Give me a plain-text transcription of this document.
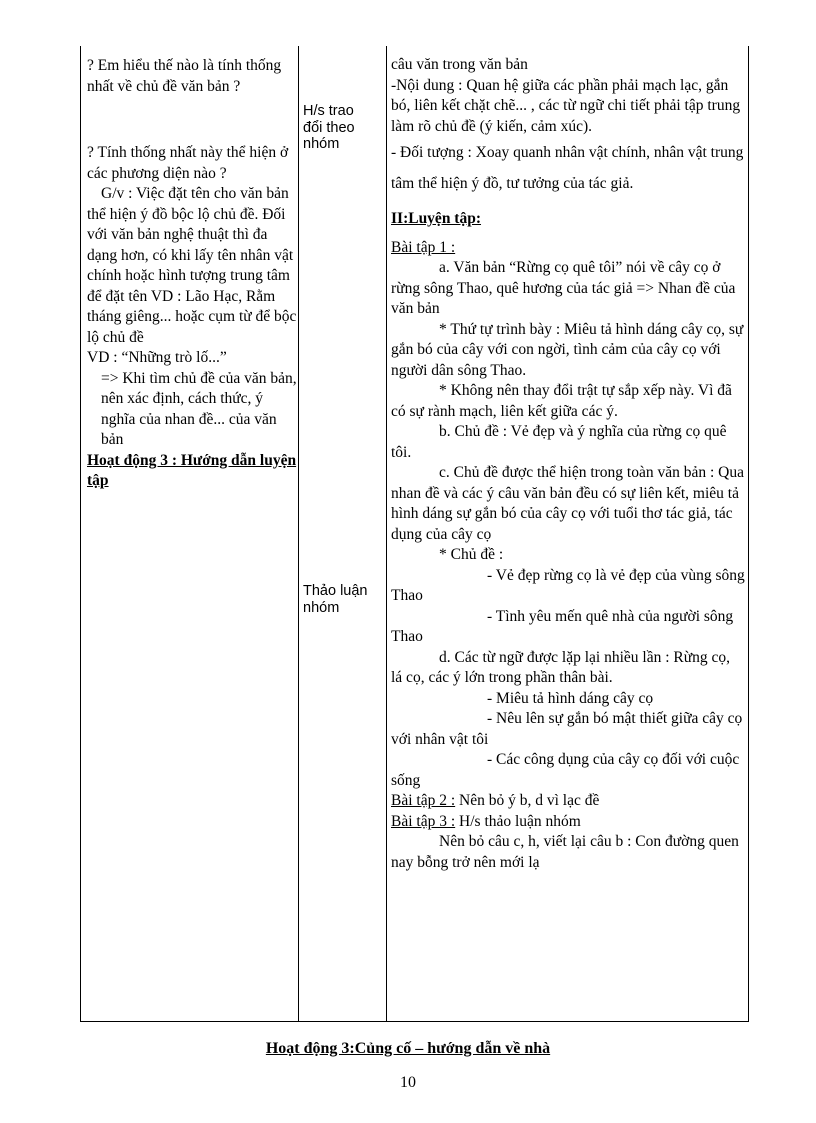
? Em hiểu thế nào là tính thống nhất về chủ đề văn bản ?

? Tính thống nhất này thể hiện ở các phương diện nào ?

G/v : Việc đặt tên cho văn bản thể hiện ý đồ bộc lộ chủ đề. Đối với văn bản nghệ thuật thì đa dạng hơn, có khi lấy tên nhân vật chính hoặc hình tượng trung tâm để đặt tên VD : Lão Hạc, Rằm tháng giêng... hoặc cụm từ để bộc lộ chủ đề

VD : “Những trò lố...”

=> Khi tìm chủ đề của văn bản, nên xác định, cách thức, ý nghĩa của nhan đề... của văn bản

Hoạt động 3 : Hướng dẫn luyện tập

H/s trao đổi theo nhóm
Thảo luận nhóm

câu văn trong văn bản

-Nội dung : Quan hệ giữa các phần phải mạch lạc, gắn bó, liên kết chặt chẽ... , các từ ngữ chi tiết phải tập trung làm rõ chủ đề (ý kiến, cảm xúc).

- Đối tượng : Xoay quanh nhân vật chính, nhân vật trung tâm thể hiện ý đồ, tư tưởng của tác giả.

II:Luyện tập:

Bài tập 1 :

a. Văn bản “Rừng cọ quê tôi” nói về cây cọ ở rừng sông Thao, quê hương của tác giả => Nhan đề của văn bản

* Thứ tự trình bày : Miêu tả hình dáng cây cọ, sự gắn bó của cây với con ngời, tình cảm của cây cọ với người dân sông Thao.

* Không nên thay đổi trật tự sắp xếp này. Vì đã có sự rành mạch, liên kết giữa các ý.

b. Chủ đề : Vẻ đẹp và ý nghĩa của rừng cọ quê tôi.

c. Chủ đề được thể hiện trong toàn văn bản : Qua nhan đề và các ý câu văn bản đều có sự liên kết, miêu tả hình dáng sự gắn bó của cây cọ với tuổi thơ tác giả, tác dụng của cây cọ

* Chủ đề :

- Vẻ đẹp rừng cọ là vẻ đẹp của vùng sông Thao

- Tình yêu mến quê nhà của người sông Thao

d. Các từ ngữ được lặp lại nhiều lần : Rừng cọ, lá cọ, các ý lớn trong phần thân bài.

- Miêu tả hình dáng cây cọ

- Nêu lên sự gắn bó mật thiết giữa cây cọ với nhân vật tôi

- Các công dụng của cây cọ đối với cuộc sống

Bài tập 2 : Nên bỏ ý b, d vì lạc đề

Bài tập 3 : H/s thảo luận nhóm

Nên bỏ câu c, h, viết lại câu b : Con đường quen nay bỗng trở nên mới lạ

Hoạt động 3:Củng cố – hướng dẫn về nhà
10
